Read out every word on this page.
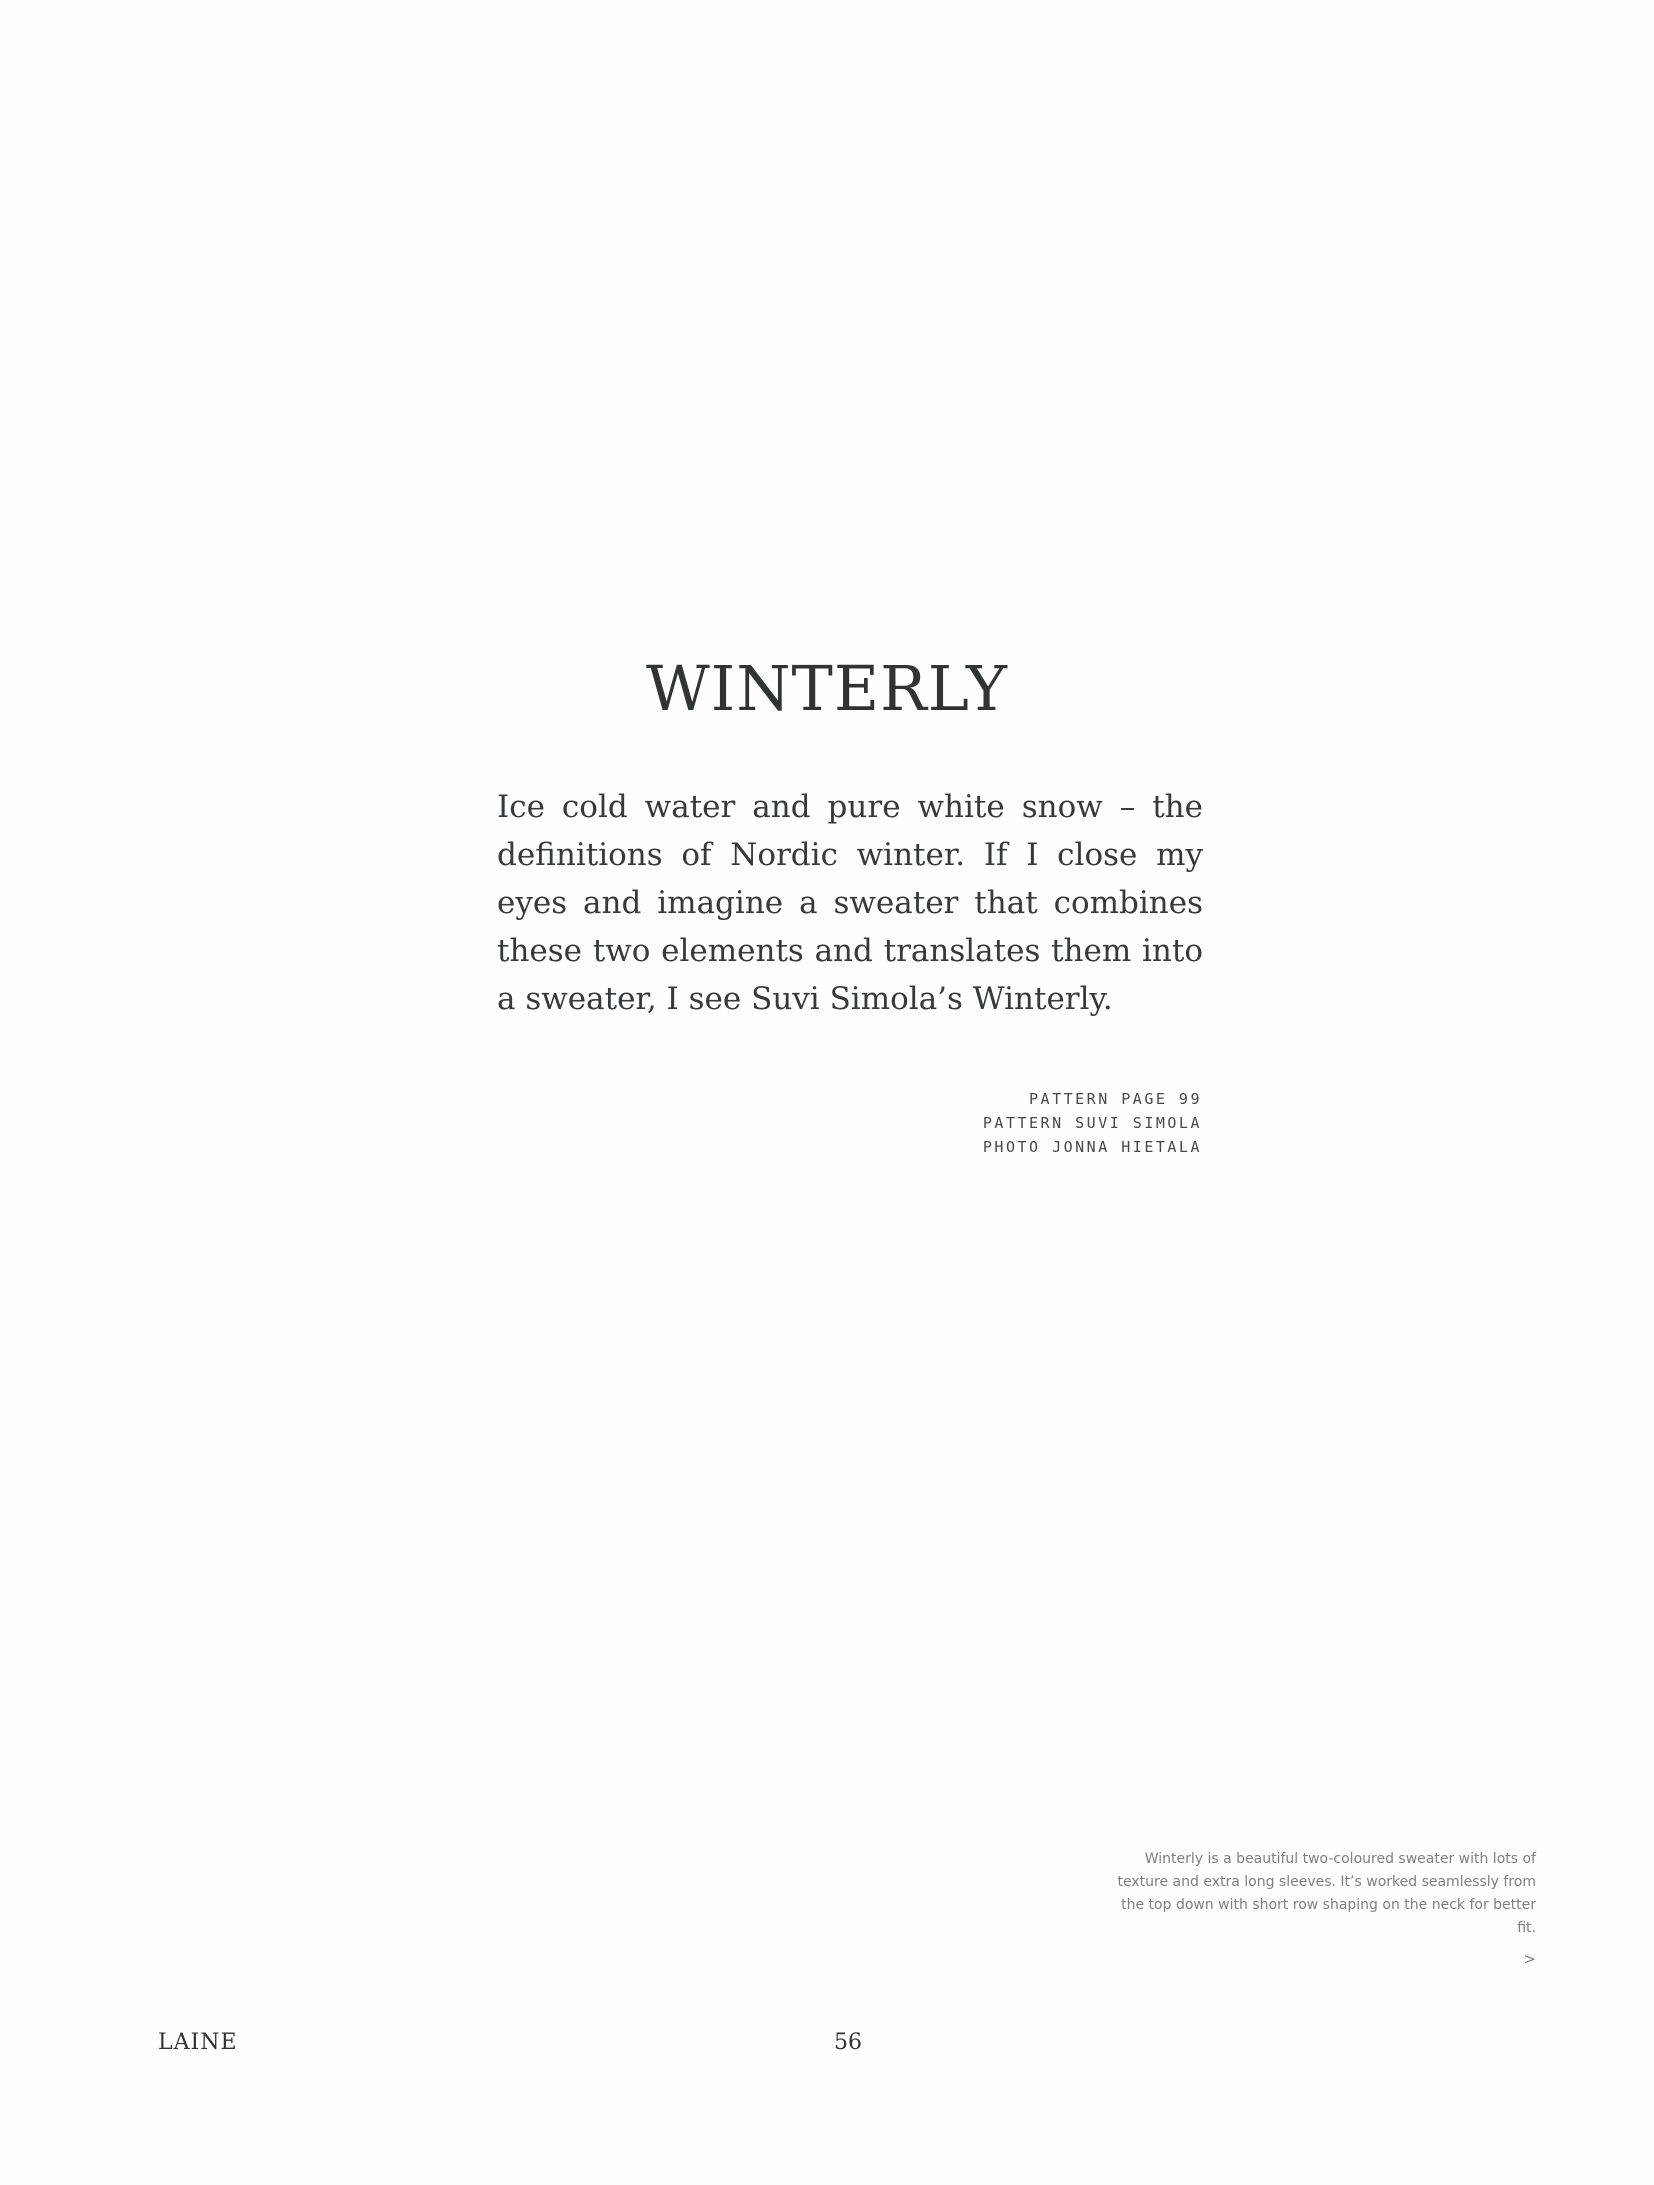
WINTERLY

Ice cold water and pure white snow – the definitions of Nordic winter. If I close my eyes and imagine a sweater that combines these two elements and translates them into a sweater, I see Suvi Simola’s Winterly.

PATTERN PAGE 99
PATTERN SUVI SIMOLA
PHOTO JONNA HIETALA

Winterly is a beautiful two-coloured sweater with lots of texture and extra long sleeves. It’s worked seamlessly from the top down with short row shaping on the neck for better fit.

>
LAINE	56
